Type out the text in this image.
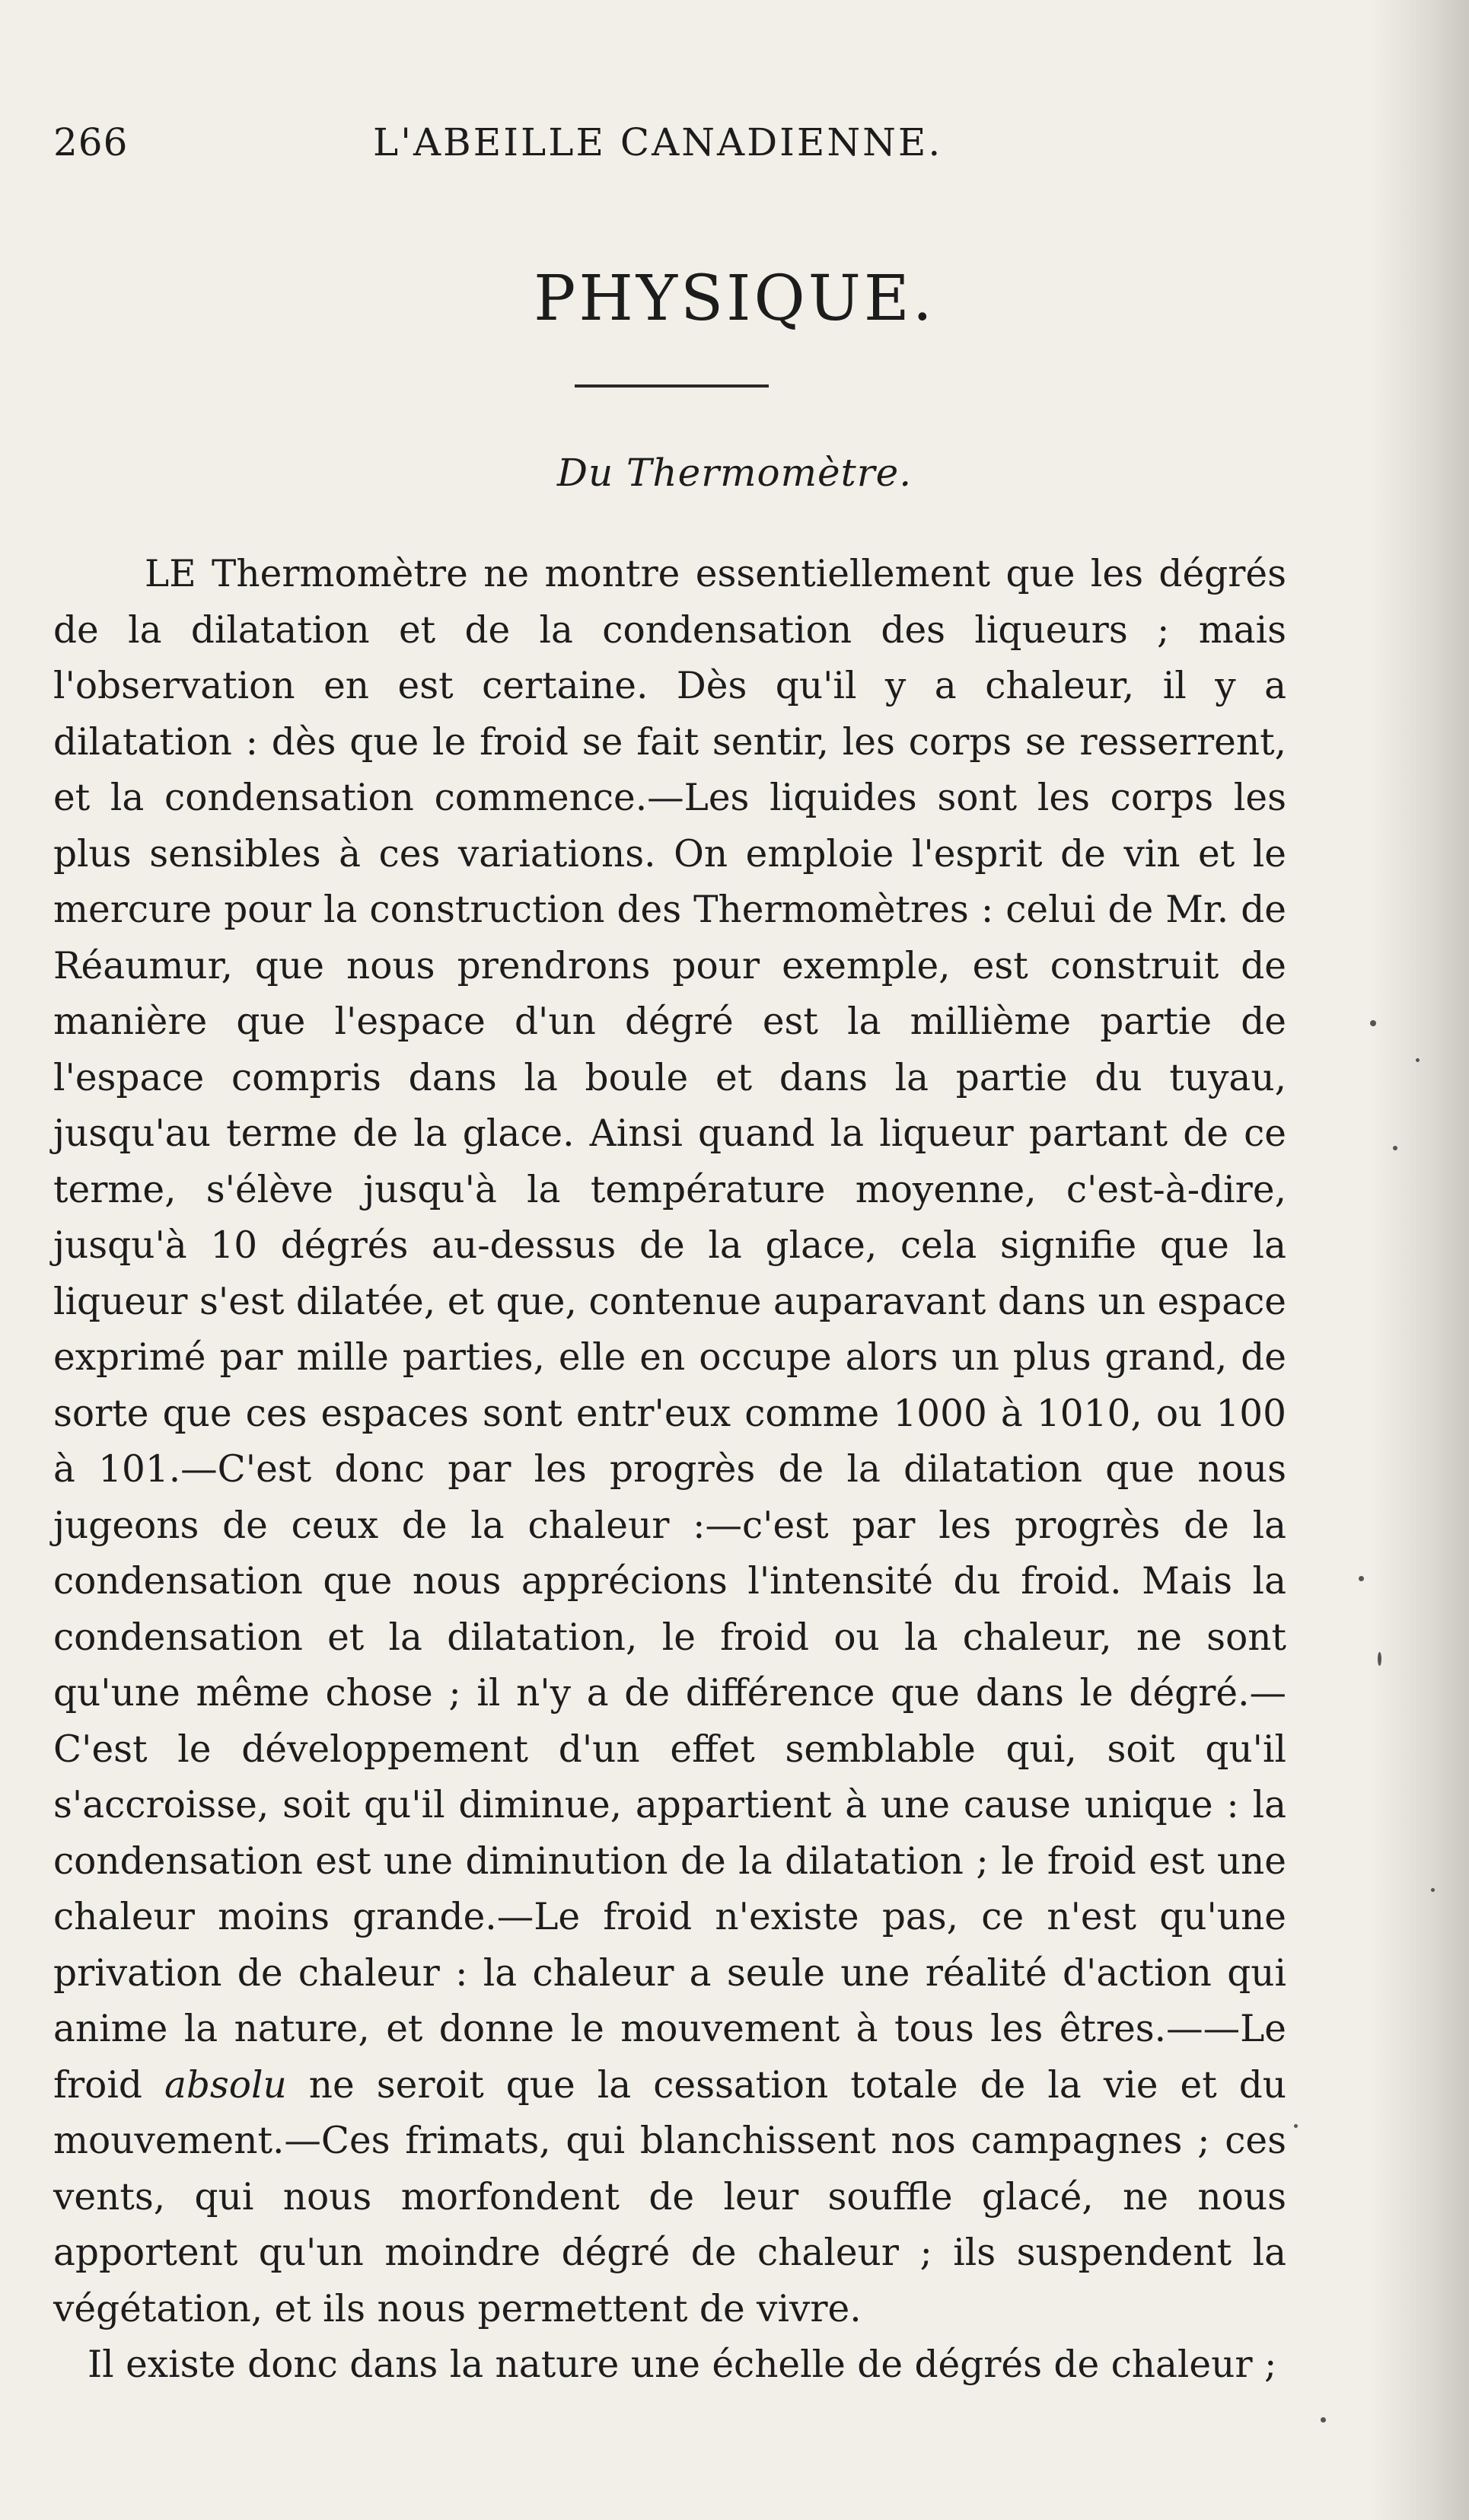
266	L'ABEILLE CANADIENNE.
PHYSIQUE.
Du Thermomètre.

LE Thermomètre ne montre essentiellement que les dégrés de la dilatation et de la condensation des liqueurs ; mais l'observation en est certaine. Dès qu'il y a chaleur, il y a dilatation : dès que le froid se fait sentir, les corps se resserrent, et la condensation commence.—Les liquides sont les corps les plus sensibles à ces variations. On emploie l'esprit de vin et le mercure pour la construction des Thermomètres : celui de Mr. de Réaumur, que nous prendrons pour exemple, est construit de manière que l'espace d'un dégré est la millième partie de l'espace compris dans la boule et dans la partie du tuyau, jusqu'au terme de la glace. Ainsi quand la liqueur partant de ce terme, s'élève jusqu'à la température moyenne, c'est-à-dire, jusqu'à 10 dégrés au-dessus de la glace, cela signifie que la liqueur s'est dilatée, et que, contenue auparavant dans un espace exprimé par mille parties, elle en occupe alors un plus grand, de sorte que ces espaces sont entr'eux comme 1000 à 1010, ou 100 à 101.—C'est donc par les progrès de la dilatation que nous jugeons de ceux de la chaleur :—c'est par les progrès de la condensation que nous apprécions l'intensité du froid. Mais la condensation et la dilatation, le froid ou la chaleur, ne sont qu'une même chose ; il n'y a de différence que dans le dégré.—C'est le développement d'un effet semblable qui, soit qu'il s'accroisse, soit qu'il diminue, appartient à une cause unique : la condensation est une diminution de la dilatation ; le froid est une chaleur moins grande.—Le froid n'existe pas, ce n'est qu'une privation de chaleur : la chaleur a seule une réalité d'action qui anime la nature, et donne le mouvement à tous les êtres.——Le froid absolu ne seroit que la cessation totale de la vie et du mouvement.—Ces frimats, qui blanchissent nos campagnes ; ces vents, qui nous morfondent de leur souffle glacé, ne nous apportent qu'un moindre dégré de chaleur ; ils suspendent la végétation, et ils nous permettent de vivre.

Il existe donc dans la nature une échelle de dégrés de chaleur ;
